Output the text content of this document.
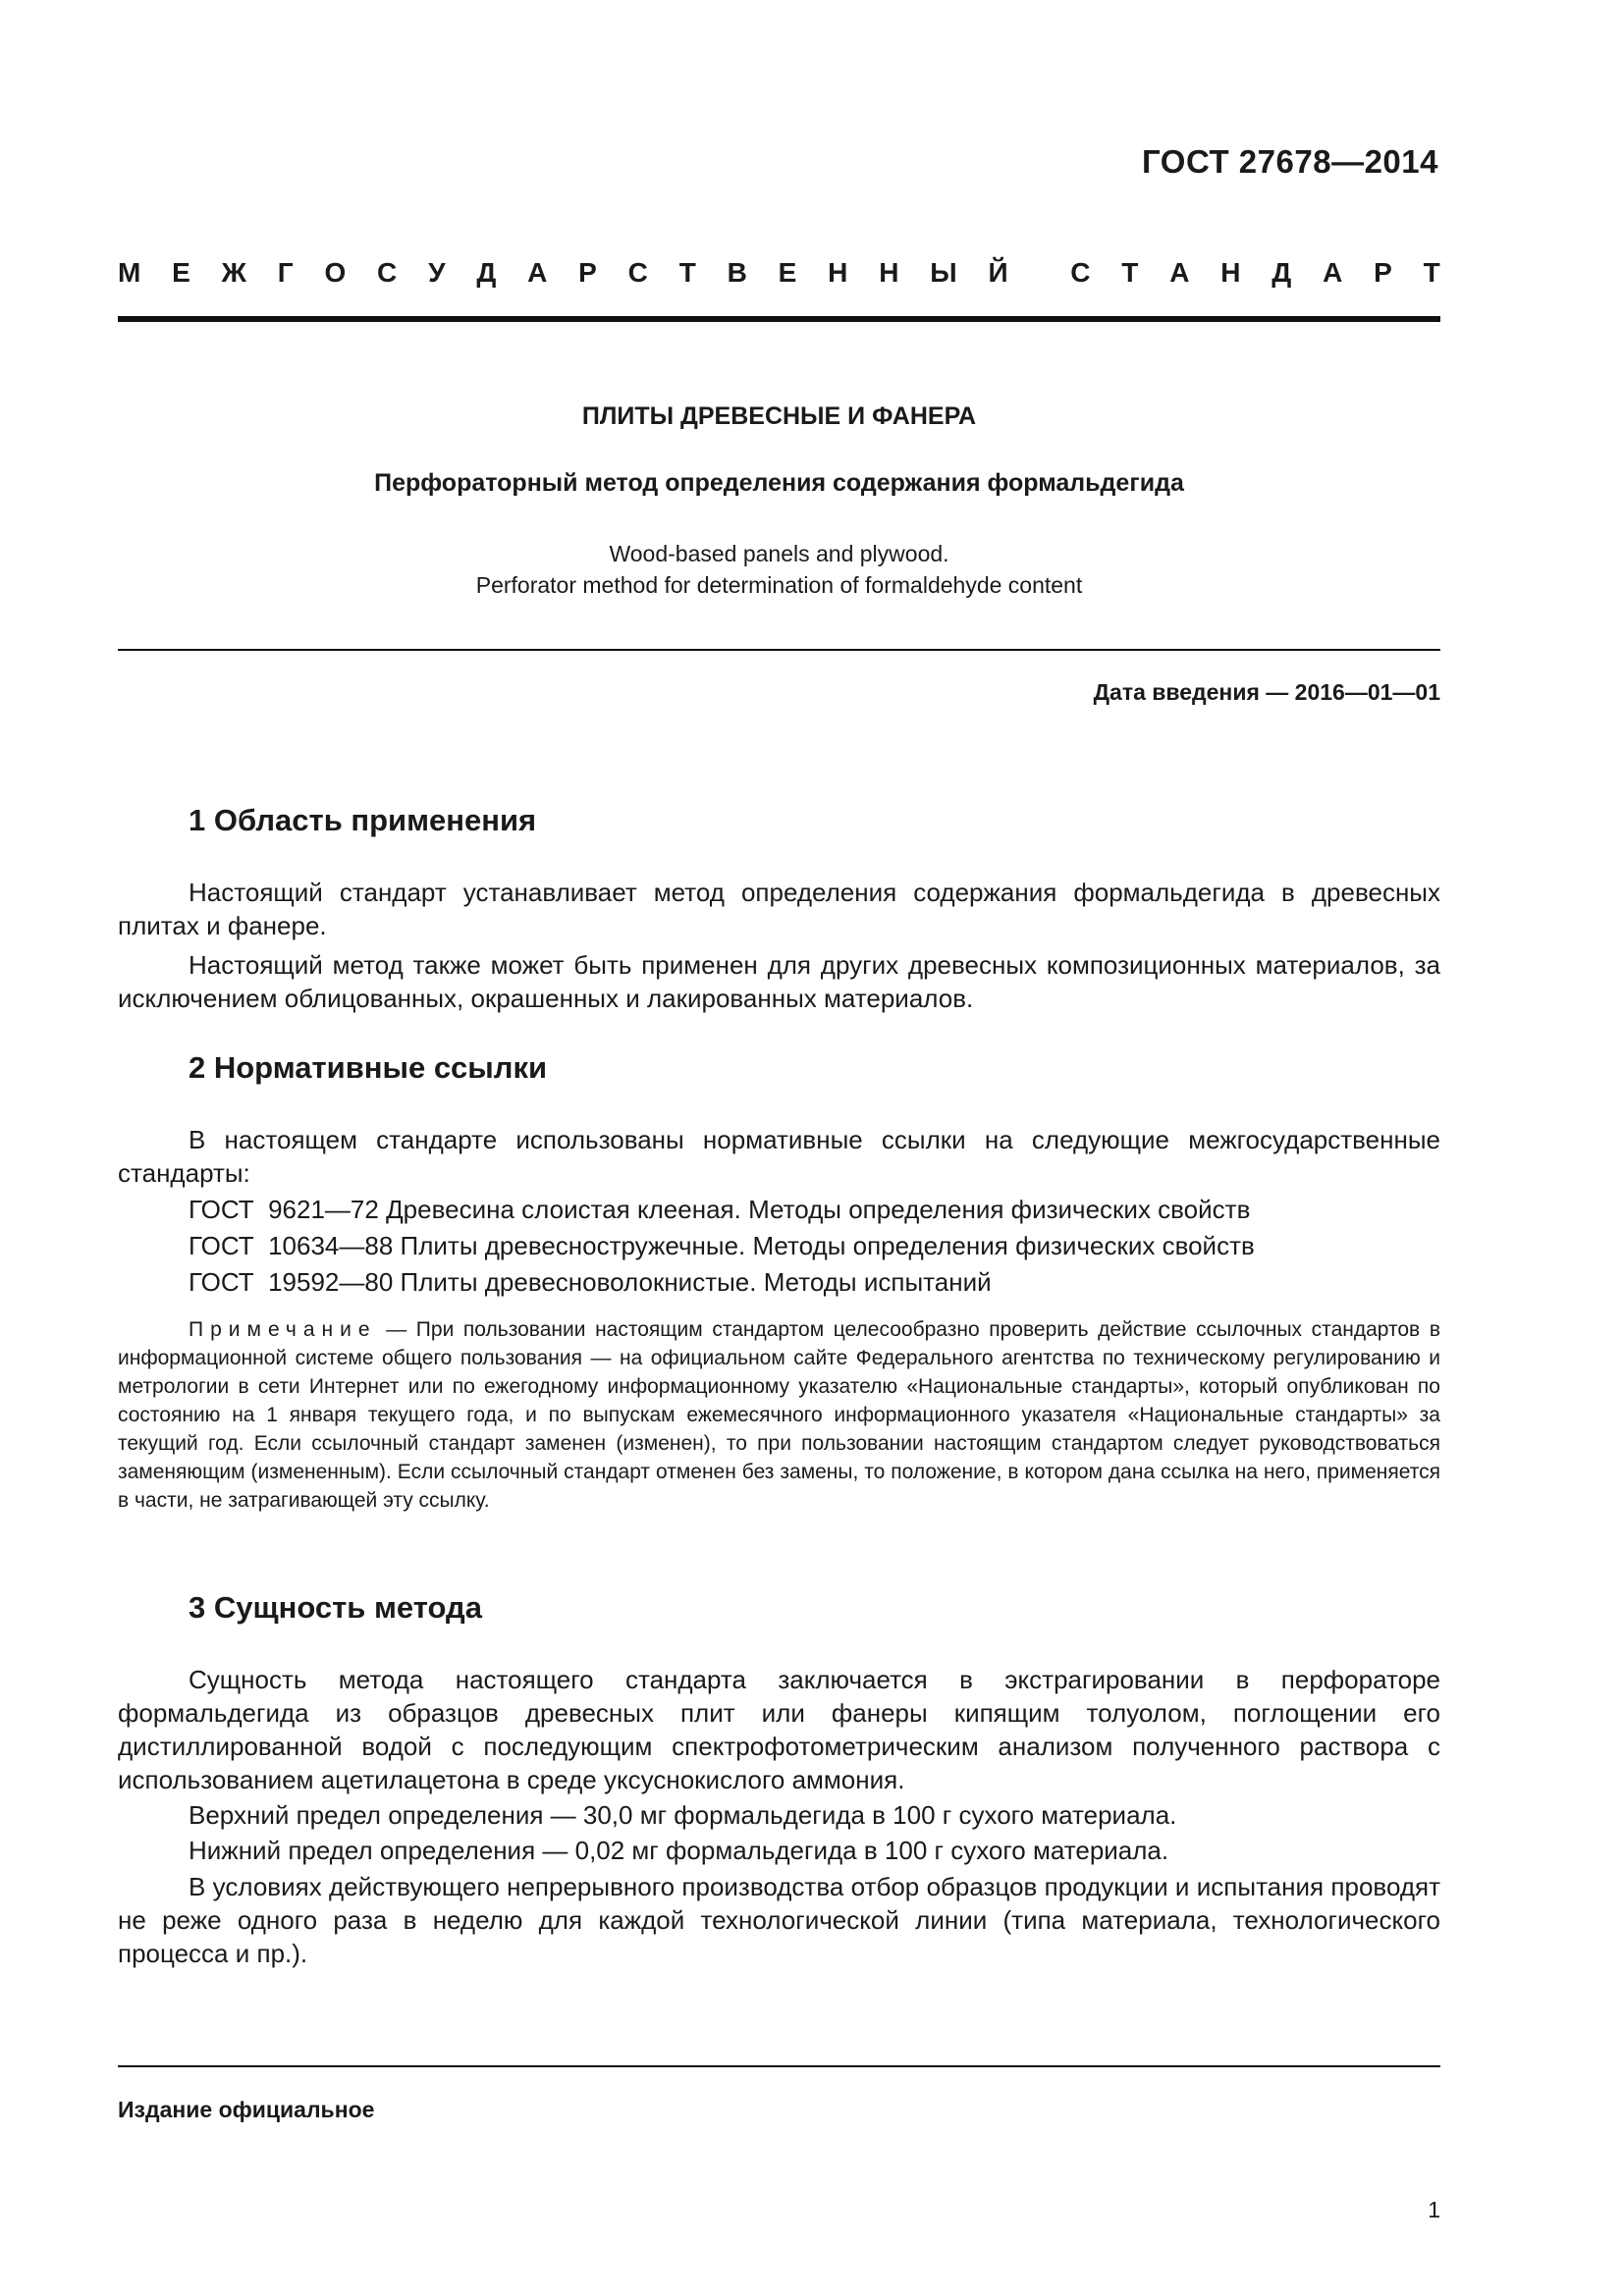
ГОСТ 27678—2014
М Е Ж Г О С У Д А Р С Т В Е Н Н Ы Й С Т А Н Д А Р Т
ПЛИТЫ ДРЕВЕСНЫЕ И ФАНЕРА
Перфораторный метод определения содержания формальдегида
Wood-based panels and plywood.
Perforator method for determination of formaldehyde content
Дата введения — 2016—01—01
1 Область применения
Настоящий стандарт устанавливает метод определения содержания формальдегида в древесных плитах и фанере.
Настоящий метод также может быть применен для других древесных композиционных материалов, за исключением облицованных, окрашенных и лакированных материалов.
2 Нормативные ссылки
В настоящем стандарте использованы нормативные ссылки на следующие межгосударственные стандарты:
ГОСТ  9621—72 Древесина слоистая клееная. Методы определения физических свойств
ГОСТ  10634—88 Плиты древесностружечные. Методы определения физических свойств
ГОСТ  19592—80 Плиты древесноволокнистые. Методы испытаний
Примечание — При пользовании настоящим стандартом целесообразно проверить действие ссылочных стандартов в информационной системе общего пользования — на официальном сайте Федерального агентства по техническому регулированию и метрологии в сети Интернет или по ежегодному информационному указателю «Национальные стандарты», который опубликован по состоянию на 1 января текущего года, и по выпускам ежемесячного информационного указателя «Национальные стандарты» за текущий год. Если ссылочный стандарт заменен (изменен), то при пользовании настоящим стандартом следует руководствоваться заменяющим (измененным). Если ссылочный стандарт отменен без замены, то положение, в котором дана ссылка на него, применяется в части, не затрагивающей эту ссылку.
3 Сущность метода
Сущность метода настоящего стандарта заключается в экстрагировании в перфораторе формальдегида из образцов древесных плит или фанеры кипящим толуолом, поглощении его дистиллированной водой с последующим спектрофотометрическим анализом полученного раствора с использованием ацетилацетона в среде уксуснокислого аммония.
Верхний предел определения — 30,0 мг формальдегида в 100 г сухого материала.
Нижний предел определения — 0,02 мг формальдегида в 100 г сухого материала.
В условиях действующего непрерывного производства отбор образцов продукции и испытания проводят не реже одного раза в неделю для каждой технологической линии (типа материала, технологического процесса и пр.).
Издание официальное
1
